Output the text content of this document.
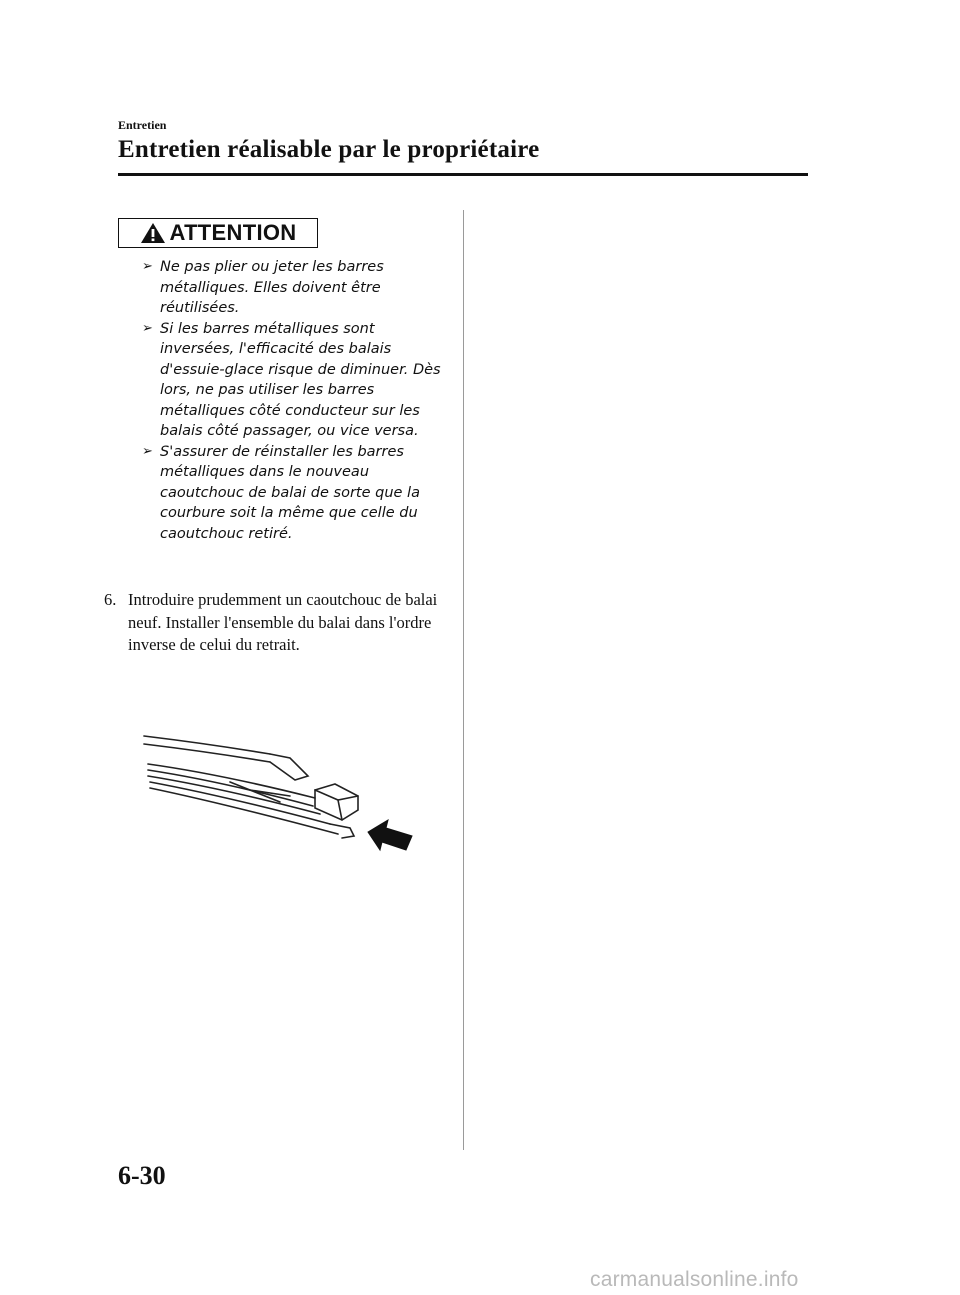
Entretien
Entretien réalisable par le propriétaire
ATTENTION
➢ Ne pas plier ou jeter les barres métalliques. Elles doivent être réutilisées.
➢ Si les barres métalliques sont inversées, l'efficacité des balais d'essuie-glace risque de diminuer. Dès lors, ne pas utiliser les barres métalliques côté conducteur sur les balais côté passager, ou vice versa.
➢ S'assurer de réinstaller les barres métalliques dans le nouveau caoutchouc de balai de sorte que la courbure soit la même que celle du caoutchouc retiré.
6. Introduire prudemment un caoutchouc de balai neuf. Installer l'ensemble du balai dans l'ordre inverse de celui du retrait.
6-30
carmanualsonline.info
